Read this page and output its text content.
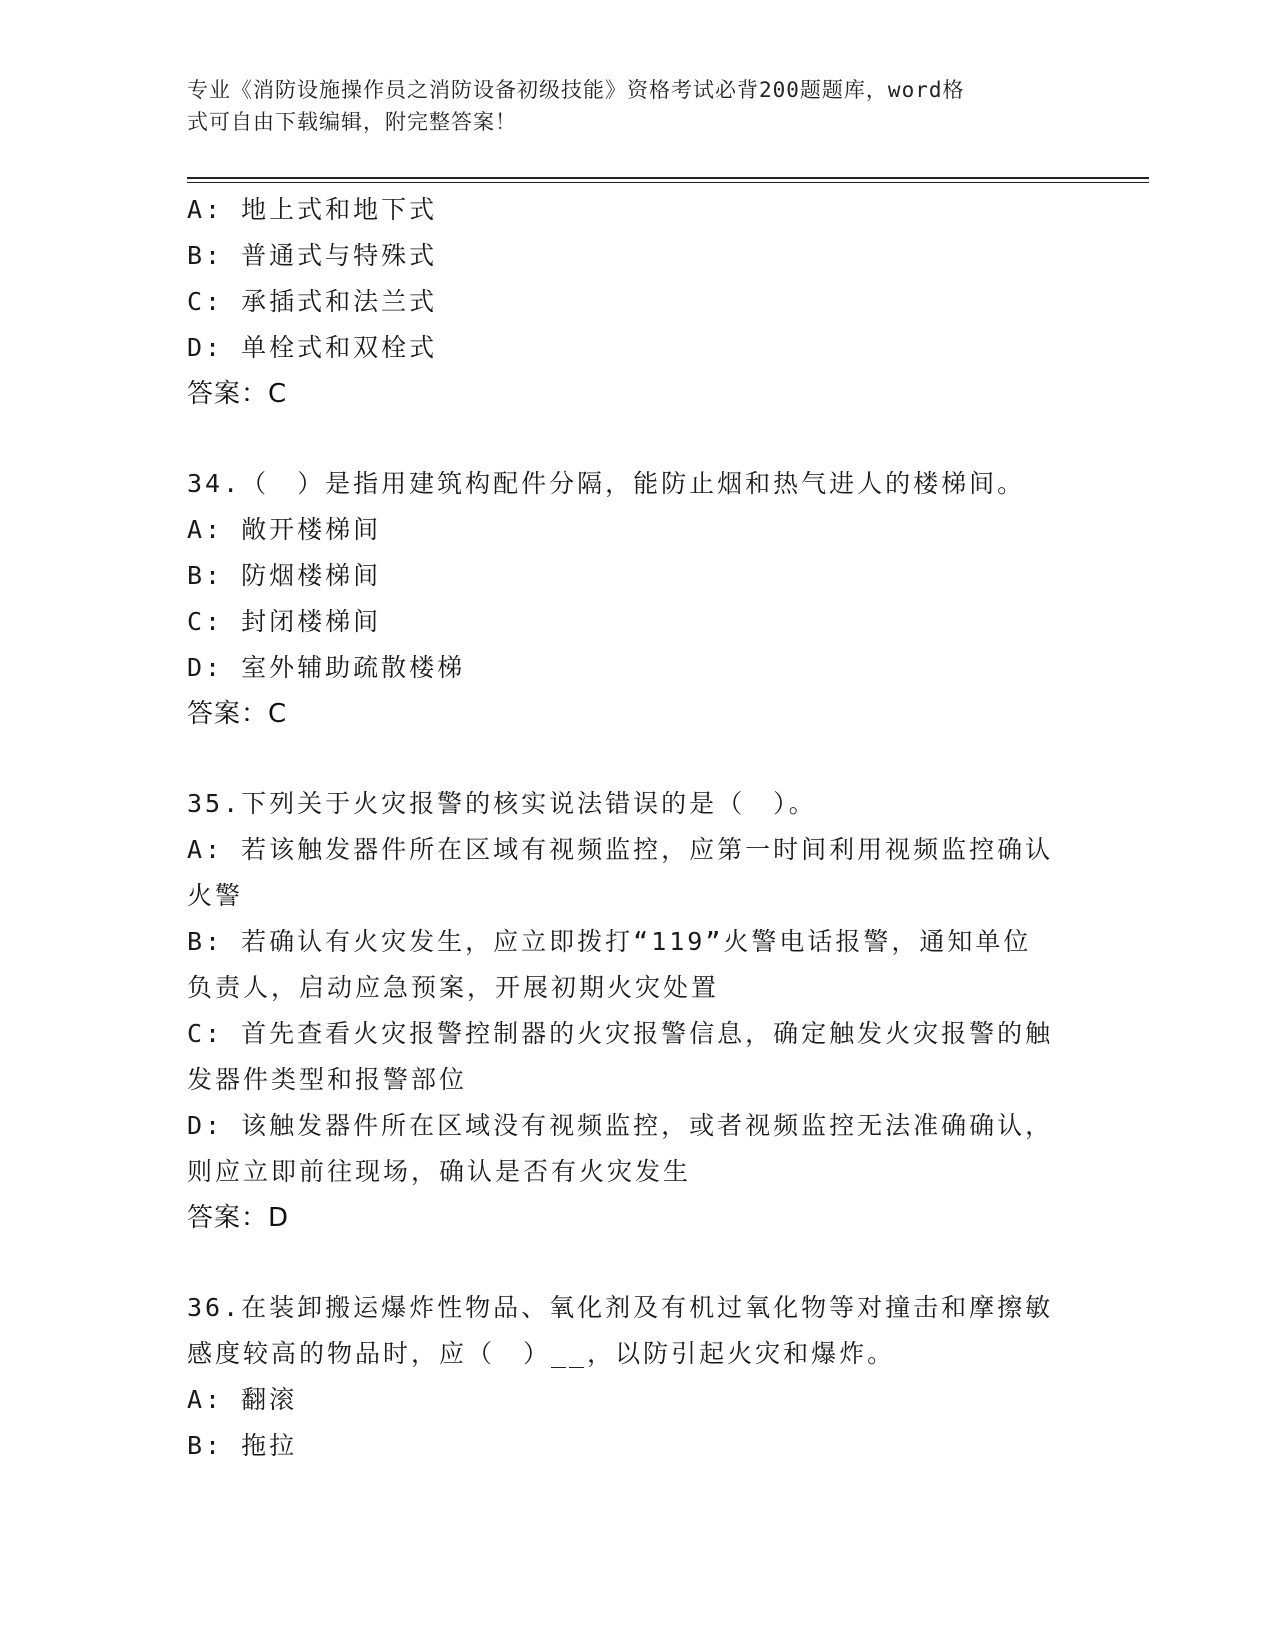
专业《消防设施操作员之消防设备初级技能》资格考试必背200题题库，word格
式可自由下载编辑，附完整答案！
A: 地上式和地下式
B: 普通式与特殊式
C: 承插式和法兰式
D: 单栓式和双栓式
答案：C
34.（　）是指用建筑构配件分隔，能防止烟和热气进人的楼梯间。
A: 敞开楼梯间
B: 防烟楼梯间
C: 封闭楼梯间
D: 室外辅助疏散楼梯
答案：C
35.下列关于火灾报警的核实说法错误的是（　）。
A: 若该触发器件所在区域有视频监控，应第一时间利用视频监控确认
火警
B: 若确认有火灾发生，应立即拨打“119”火警电话报警，通知单位
负责人，启动应急预案，开展初期火灾处置
C: 首先查看火灾报警控制器的火灾报警信息，确定触发火灾报警的触
发器件类型和报警部位
D: 该触发器件所在区域没有视频监控，或者视频监控无法准确确认，
则应立即前往现场，确认是否有火灾发生
答案：D
36.在装卸搬运爆炸性物品、氧化剂及有机过氧化物等对撞击和摩擦敏
感度较高的物品时，应（　）__，以防引起火灾和爆炸。
A: 翻滚
B: 拖拉
